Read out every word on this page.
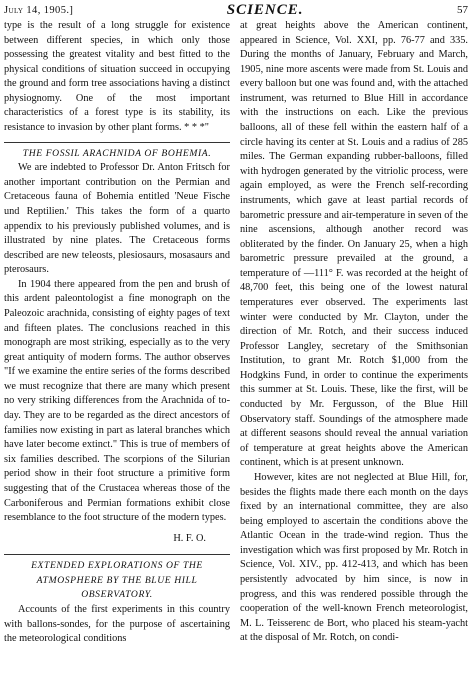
July 14, 1905.]	SCIENCE.	57

type is the result of a long struggle for existence between different species, in which only those possessing the greatest vitality and best fitted to the physical conditions of situation succeed in occupying the ground and form tree associations having a distinct physiognomy. One of the most important characteristics of a forest type is its stability, its resistance to invasion by other plant forms. * * *"

THE FOSSIL ARACHNIDA OF BOHEMIA.

We are indebted to Professor Dr. Anton Fritsch for another important contribution on the Permian and Cretaceous fauna of Bohemia entitled 'Neue Fische und Reptilien.' This takes the form of a quarto appendix to his previously published volumes, and is illustrated by nine plates. The Cretaceous forms described are new teleosts, plesiosaurs, mosasaurs and pterosaurs.

In 1904 there appeared from the pen and brush of this ardent paleontologist a fine monograph on the Paleozoic arachnida, consisting of eighty pages of text and fifteen plates. The conclusions reached in this monograph are most striking, especially as to the very great antiquity of modern forms. The author observes "If we examine the entire series of the forms described we must recognize that there are many which present no very striking differences from the Arachnida of to-day. They are to be regarded as the direct ancestors of families now existing in part as lateral branches which have later become extinct." This is true of members of six families described. The scorpions of the Silurian period show in their foot structure a primitive form suggesting that of the Crustacea whereas those of the Carboniferous and Permian formations exhibit close resemblance to the foot structure of the modern types.

H. F. O.

EXTENDED EXPLORATIONS OF THE

ATMOSPHERE BY THE BLUE HILL

OBSERVATORY.

Accounts of the first experiments in this country with ballons-sondes, for the purpose of ascertaining the meteorological conditions

at great heights above the American continent, appeared in Science, Vol. XXI, pp. 76-77 and 335. During the months of January, February and March, 1905, nine more ascents were made from St. Louis and every balloon but one was found and, with the attached instrument, was returned to Blue Hill in accordance with the instructions on each. Like the previous balloons, all of these fell within the eastern half of a circle having its center at St. Louis and a radius of 285 miles. The German expanding rubber-balloons, filled with hydrogen generated by the vitriolic process, were again employed, as were the French self-recording instruments, which gave at least partial records of barometric pressure and air-temperature in seven of the nine ascensions, although another record was obliterated by the finder. On January 25, when a high barometric pressure prevailed at the ground, a temperature of —111° F. was recorded at the height of 48,700 feet, this being one of the lowest natural temperatures ever observed. The experiments last winter were conducted by Mr. Clayton, under the direction of Mr. Rotch, and their success induced Professor Langley, secretary of the Smithsonian Institution, to grant Mr. Rotch $1,000 from the Hodgkins Fund, in order to continue the experiments this summer at St. Louis. These, like the first, will be conducted by Mr. Fergusson, of the Blue Hill Observatory staff. Soundings of the atmosphere made at different seasons should reveal the annual variation of temperature at great heights above the American continent, which is at present unknown.

However, kites are not neglected at Blue Hill, for, besides the flights made there each month on the days fixed by an international committee, they are also being employed to ascertain the conditions above the Atlantic Ocean in the trade-wind region. Thus the investigation which was first proposed by Mr. Rotch in Science, Vol. XIV., pp. 412-413, and which has been persistently advocated by him since, is now in progress, and this was rendered possible through the cooperation of the well-known French meteorologist, M. L. Teisserenc de Bort, who placed his steam-yacht at the disposal of Mr. Rotch, on condi-
